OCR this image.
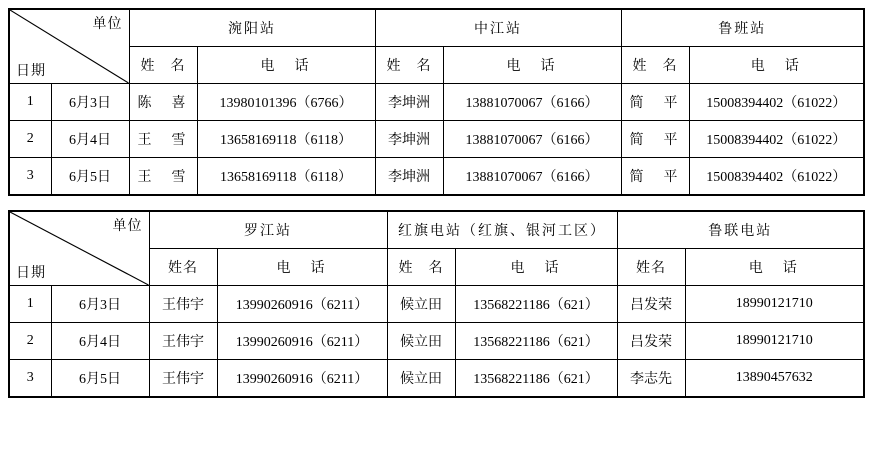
单位
日期		涴阳站		中江站		鲁班站	
		姓　名	电　话	姓　名	电　话	姓　名	电　话
1	6月3日	陈　喜	13980101396（6766）	李坤洲	13881070067（6166）	简　平	15008394402（61022）
2	6月4日	王　雪	13658169118（6118）	李坤洲	13881070067（6166）	简　平	15008394402（61022）
3	6月5日	王　雪	13658169118（6118）	李坤洲	13881070067（6166）	简　平	15008394402（61022）
单位
日期		罗江站		红旗电站（红旗、银河工区）		鲁联电站	
		姓名	电　话	姓　名	电　话	姓名	电　话
1	6月3日	王伟宇	13990260916（6211）	候立田	13568221186（621）	吕发荣	18990121710
2	6月4日	王伟宇	13990260916（6211）	候立田	13568221186（621）	吕发荣	18990121710
3	6月5日	王伟宇	13990260916（6211）	候立田	13568221186（621）	李志先	13890457632
